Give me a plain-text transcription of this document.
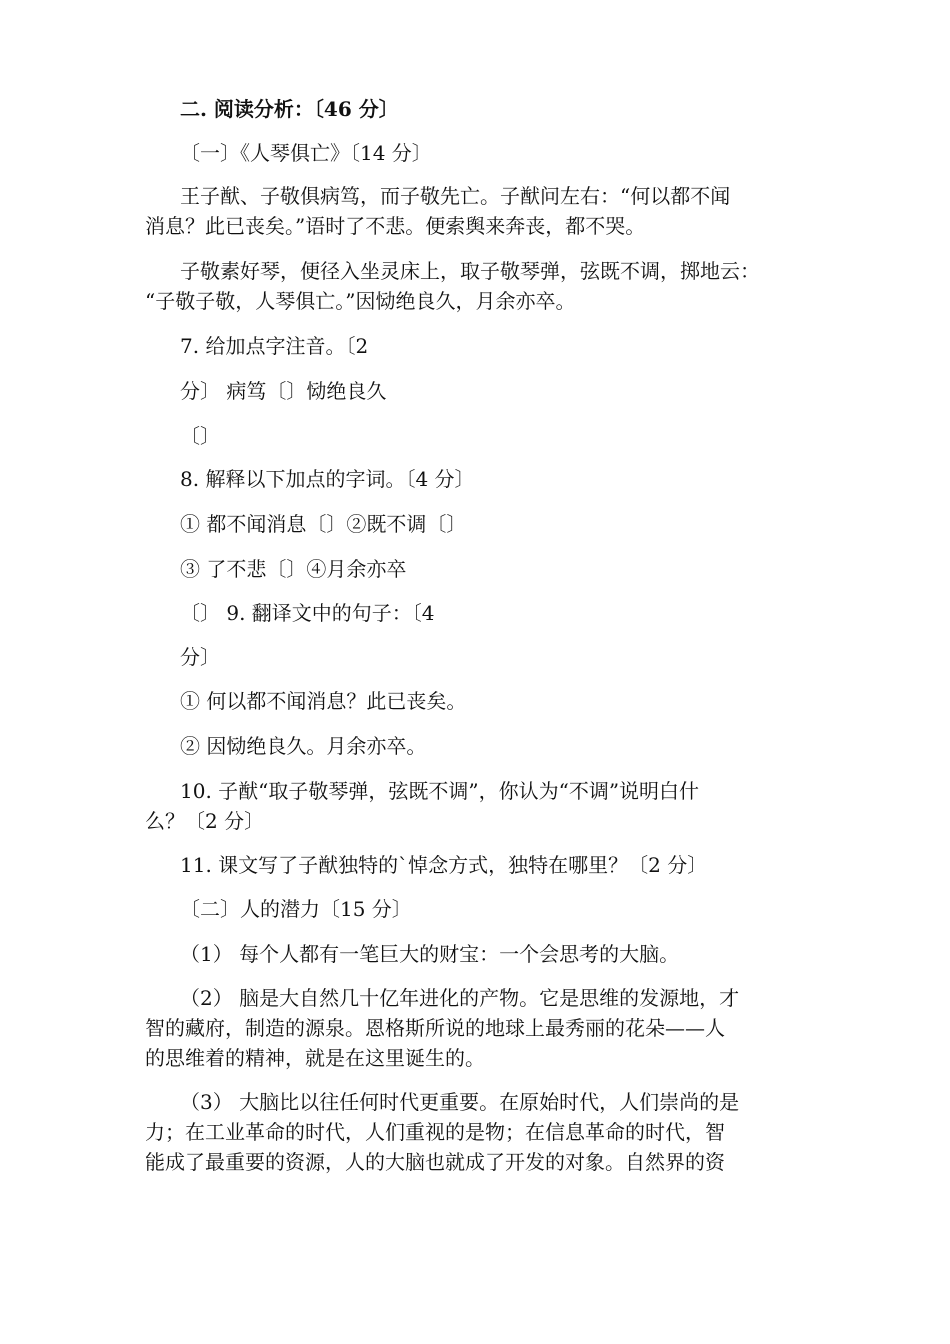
二. 阅读分析：〔46 分〕
〔一〕《人琴俱亡》〔14 分〕
王子猷、子敬俱病笃，而子敬先亡。子猷问左右：“何以都不闻
消息？此已丧矣。”语时了不悲。便索舆来奔丧，都不哭。
子敬素好琴，便径入坐灵床上，取子敬琴弹，弦既不调，掷地云：
“子敬子敬，人琴俱亡。”因恸绝良久，月余亦卒。
7. 给加点字注音。〔2
分〕 病笃〔〕恸绝良久
〔〕
8. 解释以下加点的字词。〔4 分〕
① 都不闻消息〔〕②既不调〔〕
③ 了不悲〔〕④月余亦卒
〔〕 9. 翻译文中的句子：〔4
分〕
① 何以都不闻消息？此已丧矣。
② 因恸绝良久。月余亦卒。
10. 子猷“取子敬琴弹，弦既不调”，你认为“不调”说明白什
么？〔2 分〕
11. 课文写了子猷独特的`悼念方式，独特在哪里？〔2 分〕
〔二〕人的潜力〔15 分〕
（1） 每个人都有一笔巨大的财宝：一个会思考的大脑。
（2） 脑是大自然几十亿年进化的产物。它是思维的发源地，才
智的藏府，制造的源泉。恩格斯所说的地球上最秀丽的花朵——人
的思维着的精神，就是在这里诞生的。
（3） 大脑比以往任何时代更重要。在原始时代，人们崇尚的是
力；在工业革命的时代，人们重视的是物；在信息革命的时代，智
能成了最重要的资源，人的大脑也就成了开发的对象。自然界的资
